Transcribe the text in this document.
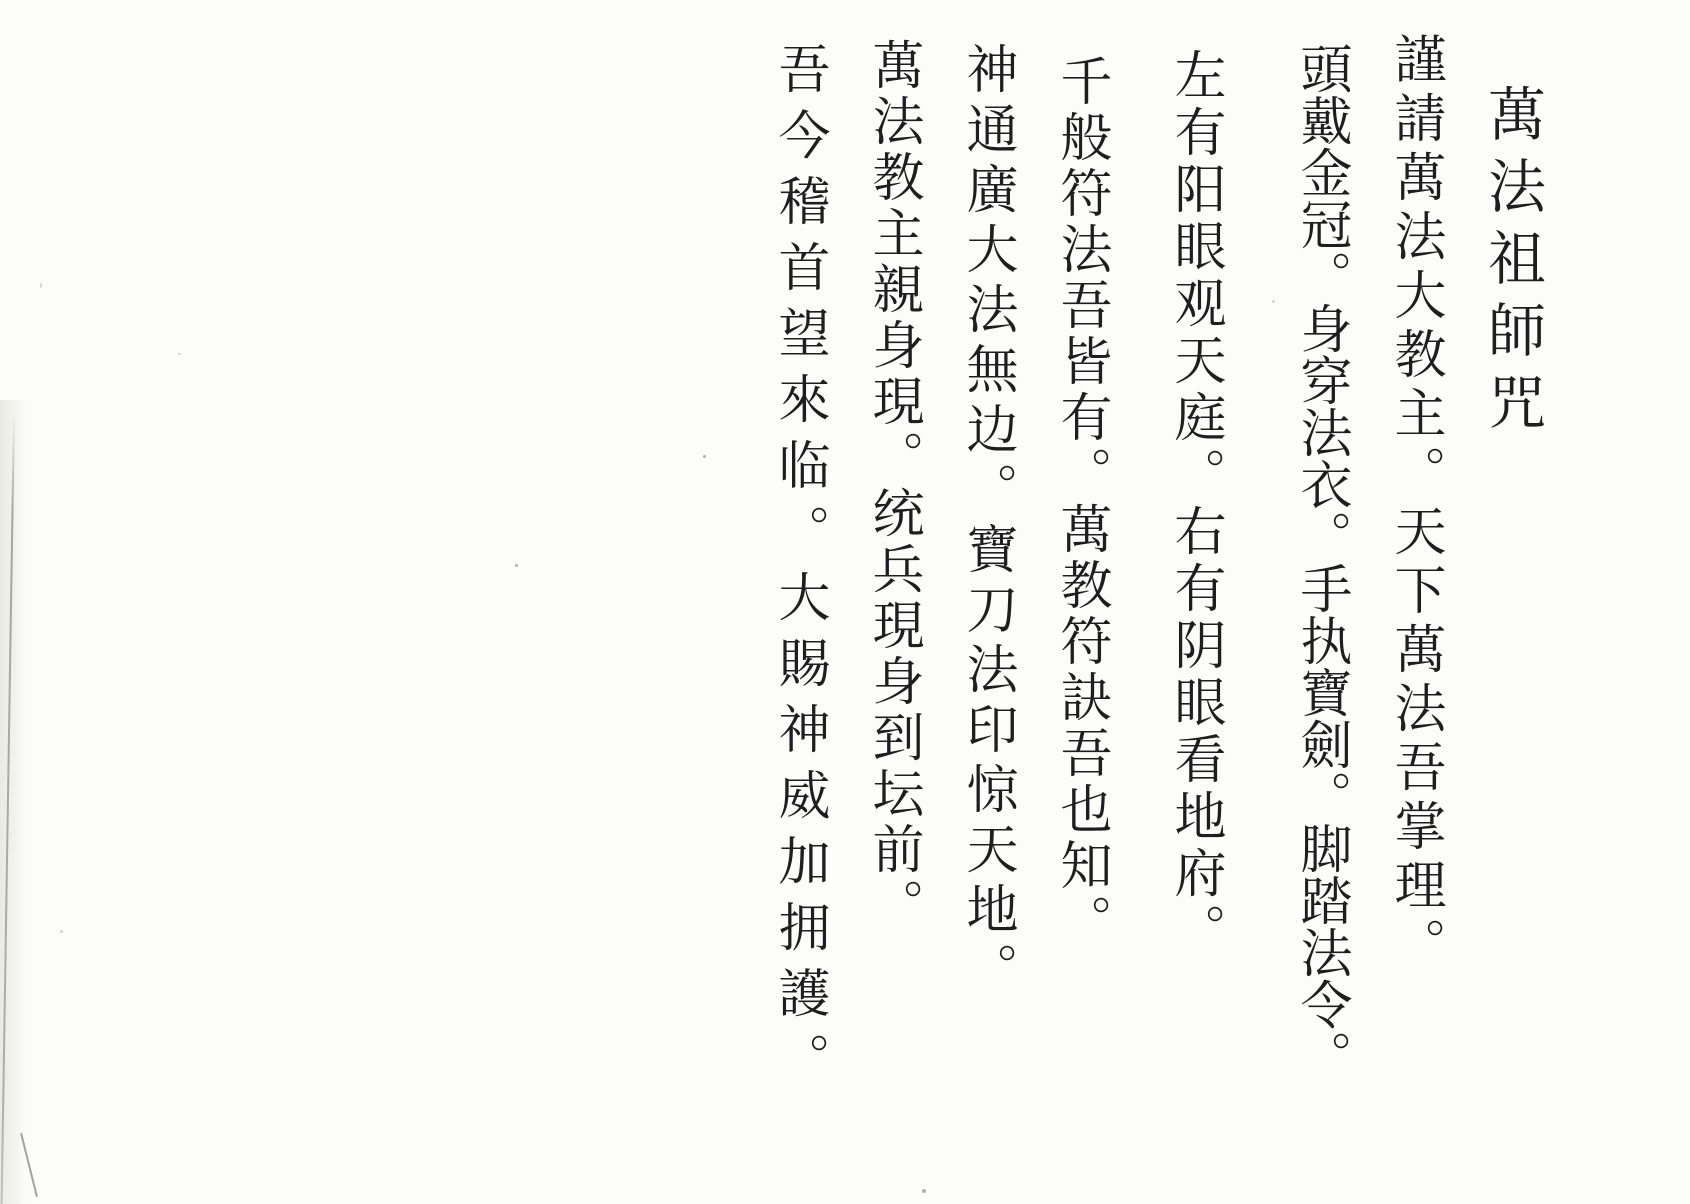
萬法祖師咒
謹請萬法大教主。天下萬法吾掌理。
頭戴金冠。身穿法衣。手执寶劍。脚踏法令。
左有阳眼观天庭。右有阴眼看地府。
千般符法吾皆有。萬教符訣吾也知。
神通廣大法無边。寶刀法印惊天地。
萬法教主親身現。统兵現身到坛前。
吾今稽首望來临。大賜神威加拥護。
